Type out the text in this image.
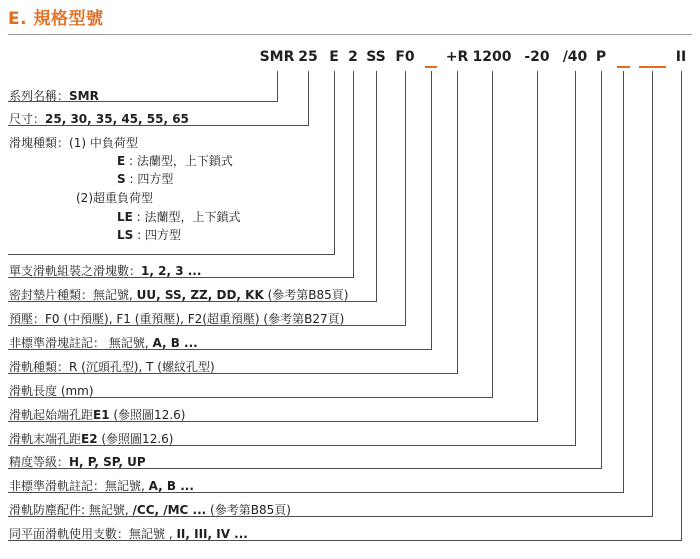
E. 規格型號
SMR 25 E 2 SS F0 +R 1200 -20 /40 P	II
系列名稱：SMR
尺寸：25, 30, 35, 45, 55, 65
滑塊種類：(1) 中負荷型
E : 法蘭型，上下鎖式
S : 四方型
(2)超重負荷型
LE : 法蘭型，上下鎖式
LS : 四方型
單支滑軌組裝之滑塊數：1, 2, 3 ...
密封墊片種類：無記號, UU, SS, ZZ, DD, KK (參考第B85頁)
預壓：F0 (中預壓), F1 (重預壓), F2(超重預壓) (參考第B27頁)
非標準滑塊註記： 無記號, A, B ...
滑軌種類：R (沉頭孔型), T (螺紋孔型)
滑軌長度 (mm)
滑軌起始端孔距E1 (參照圖12.6)
滑軌末端孔距E2 (參照圖12.6)
精度等級：H, P, SP, UP
非標準滑軌註記：無記號, A, B ...
滑軌防塵配件: 無記號, /CC, /MC ... (參考第B85頁)
同平面滑軌使用支數：無記號 , II, III, IV ...
